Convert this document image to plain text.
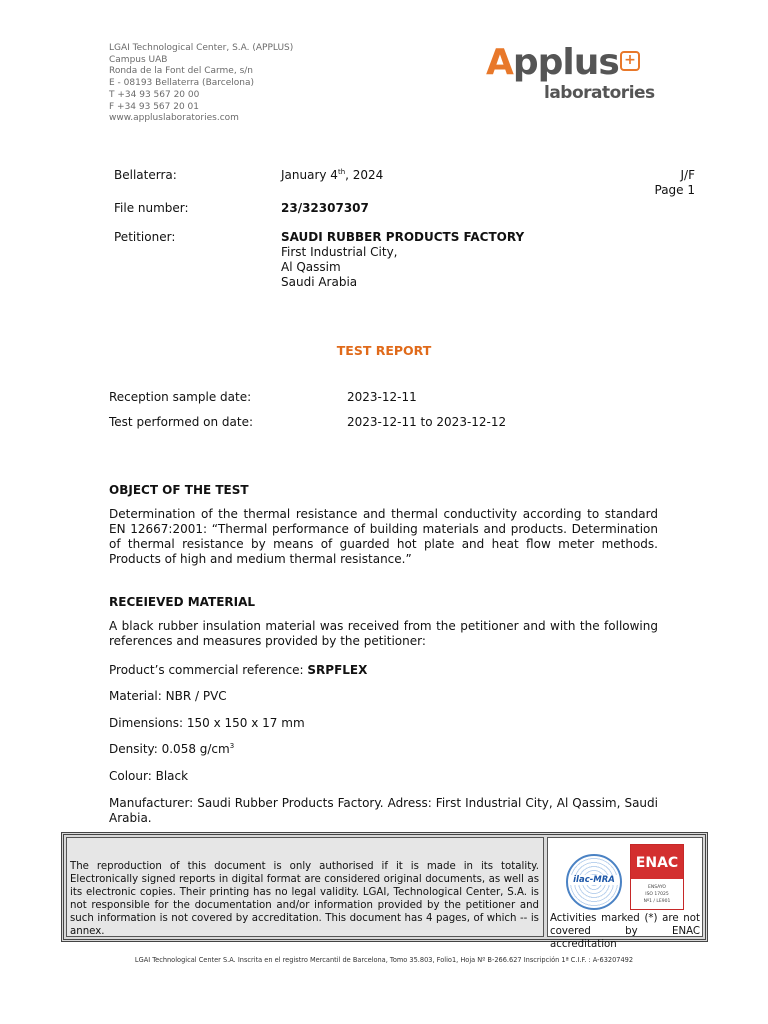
LGAI Technological Center, S.A. (APPLUS)
Campus UAB
Ronda de la Font del Carme, s/n
E - 08193 Bellaterra (Barcelona)
T +34 93 567 20 00
F +34 93 567 20 01
www.appluslaboratories.com
Applus +
laboratories
Bellaterra:	January 4th, 2024	J/F
Page 1
File number:	23/32307307
Petitioner:	SAUDI RUBBER PRODUCTS FACTORY
First Industrial City,
Al Qassim
Saudi Arabia
TEST REPORT
Reception sample date:	2023-12-11
Test performed on date:	2023-12-11 to 2023-12-12
OBJECT OF THE TEST
Determination of the thermal resistance and thermal conductivity according to standard EN 12667:2001: “Thermal performance of building materials and products. Determination of thermal resistance by means of guarded hot plate and heat flow meter methods. Products of high and medium thermal resistance.”
RECEIEVED MATERIAL
A black rubber insulation material was received from the petitioner and with the following references and measures provided by the petitioner:
Product’s commercial reference: SRPFLEX
Material: NBR / PVC
Dimensions: 150 x 150 x 17 mm
Density: 0.058 $g/cm^3$
Colour: Black
Manufacturer: Saudi Rubber Products Factory. Adress: First Industrial City, Al Qassim, Saudi Arabia.
The reproduction of this document is only authorised if it is made in its totality. Electronically signed reports in digital format are considered original documents, as well as its electronic copies. Their printing has no legal validity. LGAI, Technological Center, S.A. is not responsible for the documentation and/or information provided by the petitioner and such information is not covered by accreditation. This document has 4 pages, of which -- is annex.
ilac-MRA
ENAC
ENSAYO
ISO 17025
Nº1 / LE901
Activities marked (*) are not covered by ENAC accreditation
LGAI Technological Center S.A. Inscrita en el registro Mercantil de Barcelona, Tomo 35.803, Folio1, Hoja Nº B-266.627 Inscripción 1ª C.I.F. : A-63207492
